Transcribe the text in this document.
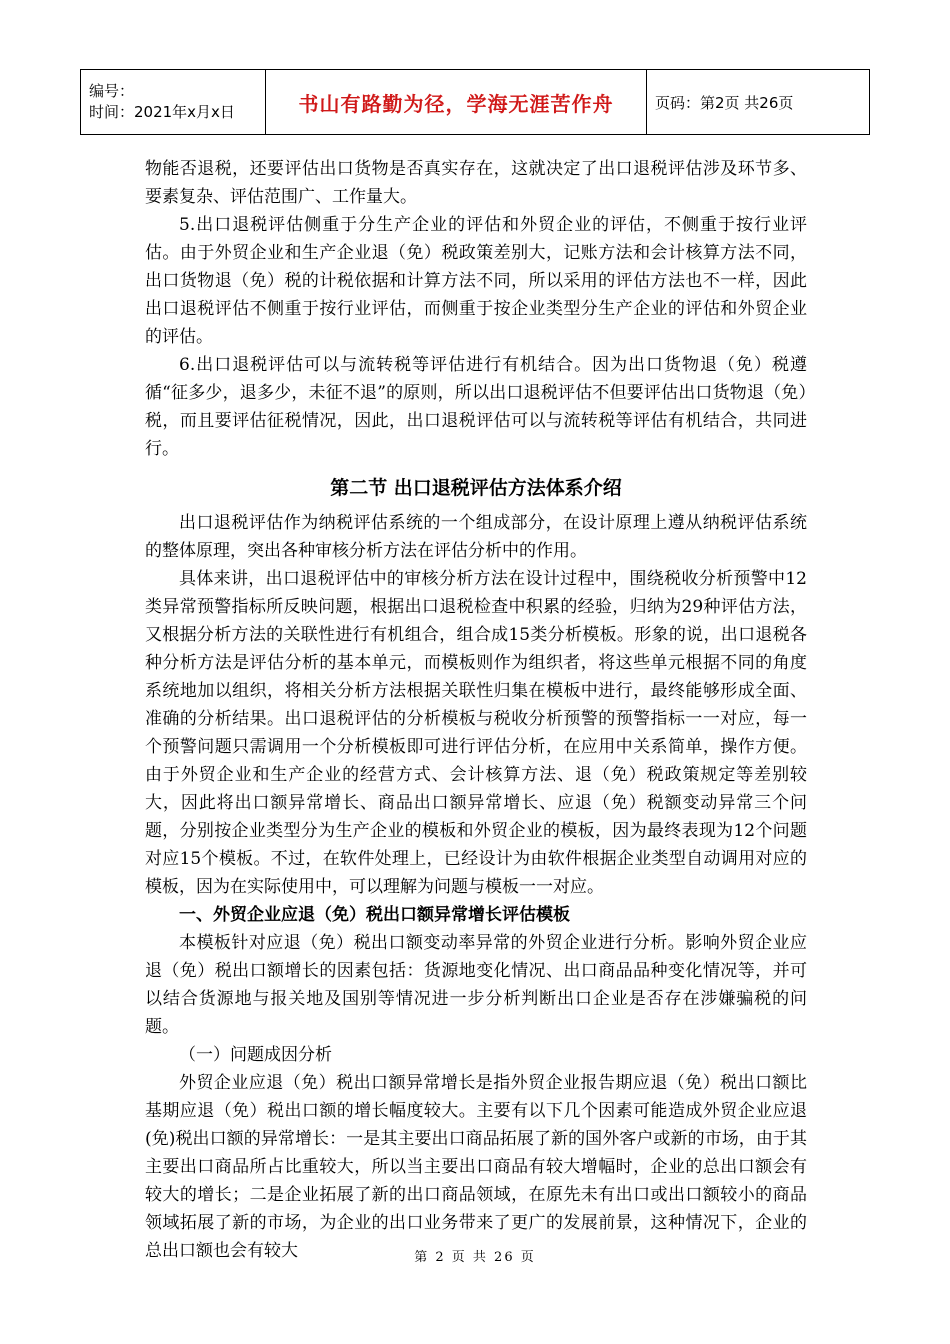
编号：
时间：2021年x月x日	书山有路勤为径，学海无涯苦作舟	页码：第2页 共26页

物能否退税，还要评估出口货物是否真实存在，这就决定了出口退税评估涉及环节多、要素复杂、评估范围广、工作量大。

5.出口退税评估侧重于分生产企业的评估和外贸企业的评估，不侧重于按行业评估。由于外贸企业和生产企业退（免）税政策差别大，记账方法和会计核算方法不同，出口货物退（免）税的计税依据和计算方法不同，所以采用的评估方法也不一样，因此出口退税评估不侧重于按行业评估，而侧重于按企业类型分生产企业的评估和外贸企业的评估。

6.出口退税评估可以与流转税等评估进行有机结合。因为出口货物退（免）税遵循“征多少，退多少，未征不退”的原则，所以出口退税评估不但要评估出口货物退（免）税，而且要评估征税情况，因此，出口退税评估可以与流转税等评估有机结合，共同进行。

第二节 出口退税评估方法体系介绍

出口退税评估作为纳税评估系统的一个组成部分，在设计原理上遵从纳税评估系统的整体原理，突出各种审核分析方法在评估分析中的作用。

具体来讲，出口退税评估中的审核分析方法在设计过程中，围绕税收分析预警中12类异常预警指标所反映问题，根据出口退税检查中积累的经验，归纳为29种评估方法，又根据分析方法的关联性进行有机组合，组合成15类分析模板。形象的说，出口退税各种分析方法是评估分析的基本单元，而模板则作为组织者，将这些单元根据不同的角度系统地加以组织，将相关分析方法根据关联性归集在模板中进行，最终能够形成全面、准确的分析结果。出口退税评估的分析模板与税收分析预警的预警指标一一对应，每一个预警问题只需调用一个分析模板即可进行评估分析，在应用中关系简单，操作方便。由于外贸企业和生产企业的经营方式、会计核算方法、退（免）税政策规定等差别较大，因此将出口额异常增长、商品出口额异常增长、应退（免）税额变动异常三个问题，分别按企业类型分为生产企业的模板和外贸企业的模板，因为最终表现为12个问题对应15个模板。不过，在软件处理上，已经设计为由软件根据企业类型自动调用对应的模板，因为在实际使用中，可以理解为问题与模板一一对应。

一、外贸企业应退（免）税出口额异常增长评估模板

本模板针对应退（免）税出口额变动率异常的外贸企业进行分析。影响外贸企业应退（免）税出口额增长的因素包括：货源地变化情况、出口商品品种变化情况等，并可以结合货源地与报关地及国别等情况进一步分析判断出口企业是否存在涉嫌骗税的问题。

（一）问题成因分析

外贸企业应退（免）税出口额异常增长是指外贸企业报告期应退（免）税出口额比基期应退（免）税出口额的增长幅度较大。主要有以下几个因素可能造成外贸企业应退(免)税出口额的异常增长：一是其主要出口商品拓展了新的国外客户或新的市场，由于其主要出口商品所占比重较大，所以当主要出口商品有较大增幅时，企业的总出口额会有较大的增长；二是企业拓展了新的出口商品领域，在原先未有出口或出口额较小的商品领域拓展了新的市场，为企业的出口业务带来了更广的发展前景，这种情况下，企业的总出口额也会有较大	第 2 页 共 26 页
